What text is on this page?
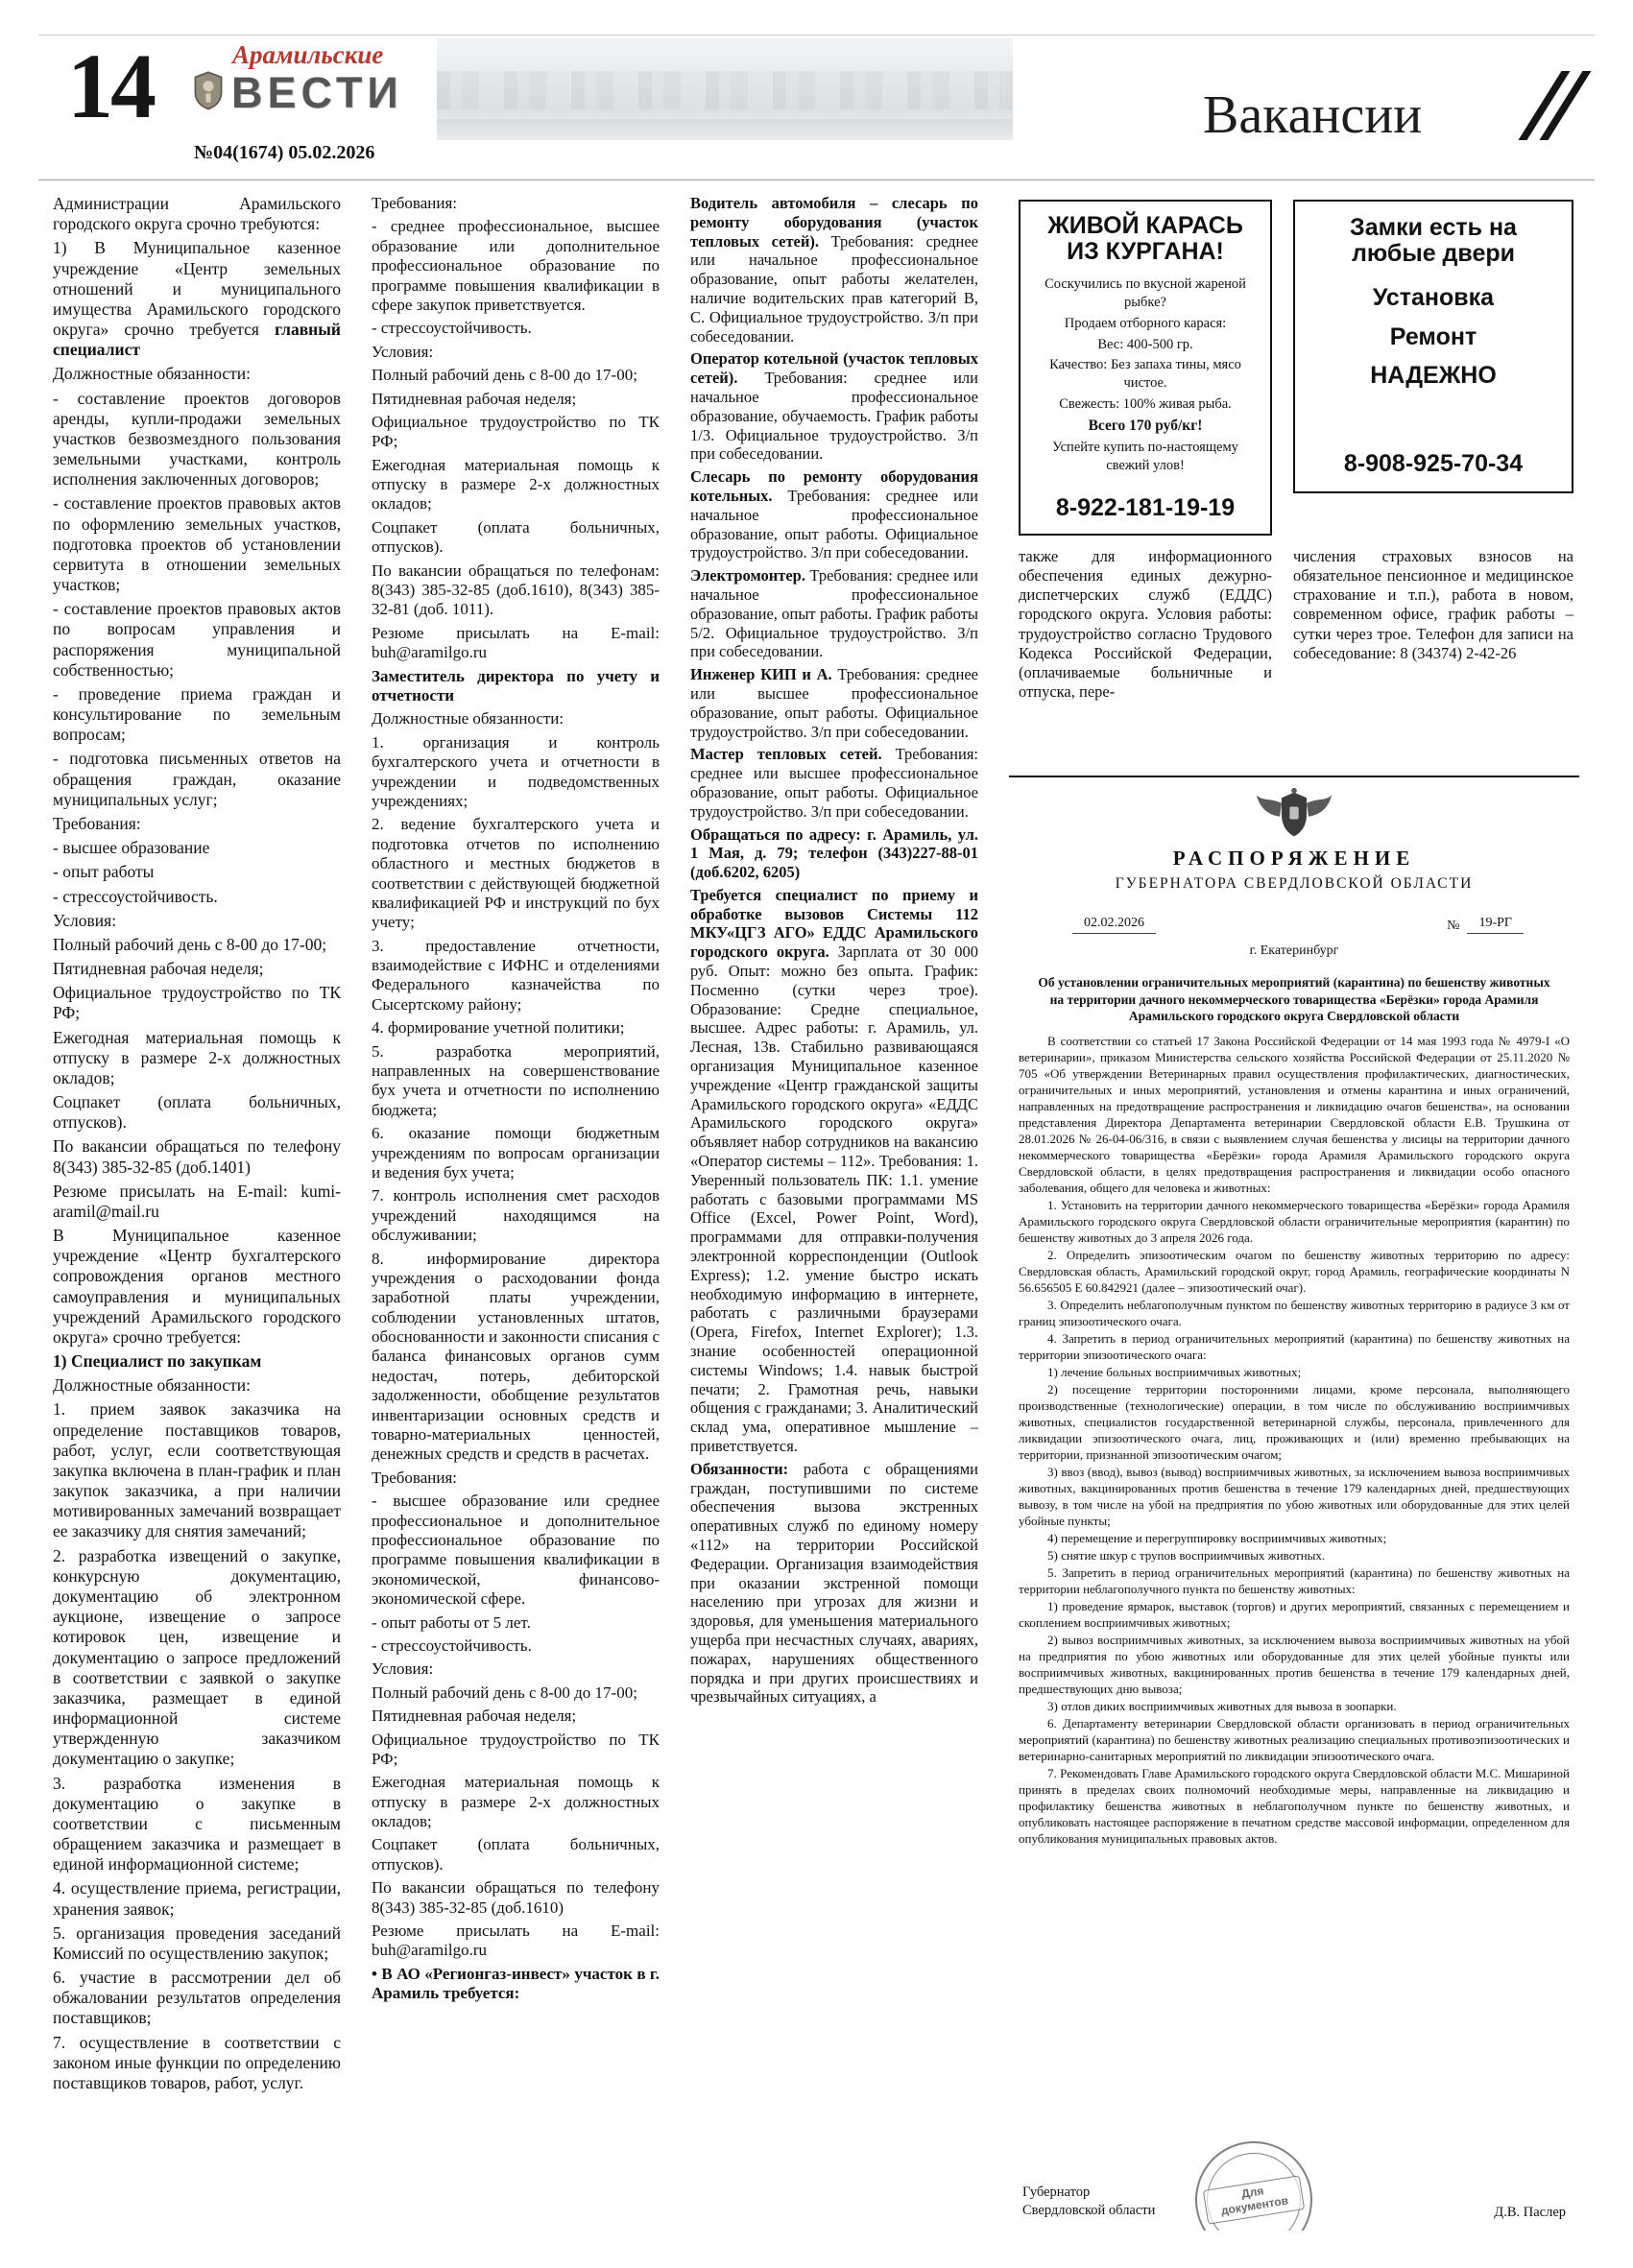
14	Арамильские
ВЕСТИ
№04(1674) 05.02.2026
Вакансии

Администрации Арамильского городского округа срочно требуются:

1) В Муниципальное казенное учреждение «Центр земельных отношений и муниципального имущества Арамильского городского округа» срочно требуется главный специалист

Должностные обязанности:

- составление проектов договоров аренды, купли-продажи земельных участков безвозмездного пользования земельными участками, контроль исполнения заключенных договоров;

- составление проектов правовых актов по оформлению земельных участков, подготовка проектов об установлении сервитута в отношении земельных участков;

- составление проектов правовых актов по вопросам управления и распоряжения муниципальной собственностью;

- проведение приема граждан и консультирование по земельным вопросам;

- подготовка письменных ответов на обращения граждан, оказание муниципальных услуг;

Требования:

- высшее образование

- опыт работы

- стрессоустойчивость.

Условия:

Полный рабочий день с 8-00 до 17-00;

Пятидневная рабочая неделя;

Официальное трудоустройство по ТК РФ;

Ежегодная материальная помощь к отпуску в размере 2-х должностных окладов;

Соцпакет (оплата больничных, отпусков).

По вакансии обращаться по телефону 8(343) 385-32-85 (доб.1401)

Резюме присылать на E-mail: kumi-aramil@mail.ru

В Муниципальное казенное учреждение «Центр бухгалтерского сопровождения органов местного самоуправления и муниципальных учреждений Арамильского городского округа» срочно требуется:

1) Специалист по закупкам

Должностные обязанности:

1. прием заявок заказчика на определение поставщиков товаров, работ, услуг, если соответствующая закупка включена в план-график и план закупок заказчика, а при наличии мотивированных замечаний возвращает ее заказчику для снятия замечаний;

2. разработка извещений о закупке, конкурсную документацию, документацию об электронном аукционе, извещение о запросе котировок цен, извещение и документацию о запросе предложений в соответствии с заявкой о закупке заказчика, размещает в единой информационной системе утвержденную заказчиком документацию о закупке;

3. разработка изменения в документацию о закупке в соответствии с письменным обращением заказчика и размещает в единой информационной системе;

4. осуществление приема, регистрации, хранения заявок;

5. организация проведения заседаний Комиссий по осуществлению закупок;

6. участие в рассмотрении дел об обжаловании результатов определения поставщиков;

7. осуществление в соответствии с законом иные функции по определению поставщиков товаров, работ, услуг.

Требования:

- среднее профессиональное, высшее образование или дополнительное профессиональное образование по программе повышения квалификации в сфере закупок приветствуется.

- стрессоустойчивость.

Условия:

Полный рабочий день с 8-00 до 17-00;

Пятидневная рабочая неделя;

Официальное трудоустройство по ТК РФ;

Ежегодная материальная помощь к отпуску в размере 2-х должностных окладов;

Соцпакет (оплата больничных, отпусков).

По вакансии обращаться по телефонам: 8(343) 385-32-85 (доб.1610), 8(343) 385-32-81 (доб. 1011).

Резюме присылать на E-mail: buh@aramilgo.ru

Заместитель директора по учету и отчетности

Должностные обязанности:

1. организация и контроль бухгалтерского учета и отчетности в учреждении и подведомственных учреждениях;

2. ведение бухгалтерского учета и подготовка отчетов по исполнению областного и местных бюджетов в соответствии с действующей бюджетной квалификацией РФ и инструкций по бух учету;

3. предоставление отчетности, взаимодействие с ИФНС и отделениями Федерального казначейства по Сысертскому району;

4. формирование учетной политики;

5. разработка мероприятий, направленных на совершенствование бух учета и отчетности по исполнению бюджета;

6. оказание помощи бюджетным учреждениям по вопросам организации и ведения бух учета;

7. контроль исполнения смет расходов учреждений находящимся на обслуживании;

8. информирование директора учреждения о расходовании фонда заработной платы учреждении, соблюдении установленных штатов, обоснованности и законности списания с баланса финансовых органов сумм недостач, потерь, дебиторской задолженности, обобщение результатов инвентаризации основных средств и товарно-материальных ценностей, денежных средств и средств в расчетах.

Требования:

- высшее образование или среднее профессиональное и дополнительное профессиональное образование по программе повышения квалификации в экономической, финансово-экономической сфере.

- опыт работы от 5 лет.

- стрессоустойчивость.

Условия:

Полный рабочий день с 8-00 до 17-00;

Пятидневная рабочая неделя;

Официальное трудоустройство по ТК РФ;

Ежегодная материальная помощь к отпуску в размере 2-х должностных окладов;

Соцпакет (оплата больничных, отпусков).

По вакансии обращаться по телефону 8(343) 385-32-85 (доб.1610)

Резюме присылать на E-mail: buh@aramilgo.ru

• В АО «Регионгаз-инвест» участок в г. Арамиль требуется:

Водитель автомобиля – слесарь по ремонту оборудования (участок тепловых сетей). Требования: среднее или начальное профессиональное образование, опыт работы желателен, наличие водительских прав категорий В, С. Официальное трудоустройство. З/п при собеседовании.

Оператор котельной (участок тепловых сетей). Требования: среднее или начальное профессиональное образование, обучаемость. График работы 1/3. Официальное трудоустройство. З/п при собеседовании.

Слесарь по ремонту оборудования котельных. Требования: среднее или начальное профессиональное образование, опыт работы. Официальное трудоустройство. З/п при собеседовании.

Электромонтер. Требования: среднее или начальное профессиональное образование, опыт работы. График работы 5/2. Официальное трудоустройство. З/п при собеседовании.

Инженер КИП и А. Требования: среднее или высшее профессиональное образование, опыт работы. Официальное трудоустройство. З/п при собеседовании.

Мастер тепловых сетей. Требования: среднее или высшее профессиональное образование, опыт работы. Официальное трудоустройство. З/п при собеседовании.

Обращаться по адресу: г. Арамиль, ул. 1 Мая, д. 79; телефон (343)227-88-01 (доб.6202, 6205)

Требуется специалист по приему и обработке вызовов Системы 112 МКУ«ЦГЗ АГО» ЕДДС Арамильского городского округа. Зарплата от 30 000 руб. Опыт: можно без опыта. График: Посменно (сутки через трое). Образование: Средне специальное, высшее. Адрес работы: г. Арамиль, ул. Лесная, 13в. Стабильно развивающаяся организация Муниципальное казенное учреждение «Центр гражданской защиты Арамильского городского округа» «ЕДДС Арамильского городского округа» объявляет набор сотрудников на вакансию «Оператор системы – 112». Требования: 1. Уверенный пользователь ПК: 1.1. умение работать с базовыми программами MS Office (Excel, Power Point, Word), программами для отправки-получения электронной корреспонденции (Outlook Express); 1.2. умение быстро искать необходимую информацию в интернете, работать с различными браузерами (Opera, Firefox, Internet Explorer); 1.3. знание особенностей операционной системы Windows; 1.4. навык быстрой печати; 2. Грамотная речь, навыки общения с гражданами; 3. Аналитический склад ума, оперативное мышление – приветствуется.

Обязанности: работа с обращениями граждан, поступившими по системе обеспечения вызова экстренных оперативных служб по единому номеру «112» на территории Российской Федерации. Организация взаимодействия при оказании экстренной помощи населению при угрозах для жизни и здоровья, для уменьшения материального ущерба при несчастных случаях, авариях, пожарах, нарушениях общественного порядка и при других происшествиях и чрезвычайных ситуациях, а

ЖИВОЙ КАРАСЬ
ИЗ КУРГАНА!
Соскучились по вкусной жареной рыбке?
Продаем отборного карася:
Вес: 400-500 гр.
Качество: Без запаха тины, мясо чистое.
Свежесть: 100% живая рыба.
Всего 170 руб/кг!
Успейте купить по-настоящему свежий улов!
8-922-181-19-19
Замки есть на любые двери
Установка
Ремонт
НАДЕЖНО
8-908-925-70-34

также для информационного обеспечения единых дежурно-диспетчерских служб (ЕДДС) городского округа. Условия работы: трудоустройство согласно Трудового Кодекса Российской Федерации, (оплачиваемые больничные и отпуска, пере-

числения страховых взносов на обязательное пенсионное и медицинское страхование и т.п.), работа в новом, современном офисе, график работы – сутки через трое. Телефон для записи на собеседование: 8 (34374) 2-42-26

РАСПОРЯЖЕНИЕ
ГУБЕРНАТОРА СВЕРДЛОВСКОЙ ОБЛАСТИ
02.02.2026	№	19-РГ
г. Екатеринбург
Об установлении ограничительных мероприятий (карантина) по бешенству животных на территории дачного некоммерческого товарищества «Берёзки» города Арамиля Арамильского городского округа Свердловской области

В соответствии со статьей 17 Закона Российской Федерации от 14 мая 1993 года № 4979-I «О ветеринарии», приказом Министерства сельского хозяйства Российской Федерации от 25.11.2020 № 705 «Об утверждении Ветеринарных правил осуществления профилактических, диагностических, ограничительных и иных мероприятий, установления и отмены карантина и иных ограничений, направленных на предотвращение распространения и ликвидацию очагов бешенства», на основании представления Директора Департамента ветеринарии Свердловской области Е.В. Трушкина от 28.01.2026 № 26-04-06/316, в связи с выявлением случая бешенства у лисицы на территории дачного некоммерческого товарищества «Берёзки» города Арамиля Арамильского городского округа Свердловской области, в целях предотвращения распространения и ликвидации особо опасного заболевания, общего для человека и животных:

1. Установить на территории дачного некоммерческого товарищества «Берёзки» города Арамиля Арамильского городского округа Свердловской области ограничительные мероприятия (карантин) по бешенству животных до 3 апреля 2026 года.

2. Определить эпизоотическим очагом по бешенству животных территорию по адресу: Свердловская область, Арамильский городской округ, город Арамиль, географические координаты N 56.656505 E 60.842921 (далее – эпизоотический очаг).

3. Определить неблагополучным пунктом по бешенству животных территорию в радиусе 3 км от границ эпизоотического очага.

4. Запретить в период ограничительных мероприятий (карантина) по бешенству животных на территории эпизоотического очага:

1) лечение больных восприимчивых животных;

2) посещение территории посторонними лицами, кроме персонала, выполняющего производственные (технологические) операции, в том числе по обслуживанию восприимчивых животных, специалистов государственной ветеринарной службы, персонала, привлеченного для ликвидации эпизоотического очага, лиц, проживающих и (или) временно пребывающих на территории, признанной эпизоотическим очагом;

3) ввоз (ввод), вывоз (вывод) восприимчивых животных, за исключением вывоза восприимчивых животных, вакцинированных против бешенства в течение 179 календарных дней, предшествующих вывозу, в том числе на убой на предприятия по убою животных или оборудованные для этих целей убойные пункты;

4) перемещение и перегруппировку восприимчивых животных;

5) снятие шкур с трупов восприимчивых животных.

5. Запретить в период ограничительных мероприятий (карантина) по бешенству животных на территории неблагополучного пункта по бешенству животных:

1) проведение ярмарок, выставок (торгов) и других мероприятий, связанных с перемещением и скоплением восприимчивых животных;

2) вывоз восприимчивых животных, за исключением вывоза восприимчивых животных на убой на предприятия по убою животных или оборудованные для этих целей убойные пункты или восприимчивых животных, вакцинированных против бешенства в течение 179 календарных дней, предшествующих дню вывоза;

3) отлов диких восприимчивых животных для вывоза в зоопарки.

6. Департаменту ветеринарии Свердловской области организовать в период ограничительных мероприятий (карантина) по бешенству животных реализацию специальных противоэпизоотических и ветеринарно-санитарных мероприятий по ликвидации эпизоотического очага.

7. Рекомендовать Главе Арамильского городского округа Свердловской области М.С. Мишариной принять в пределах своих полномочий необходимые меры, направленные на ликвидацию и профилактику бешенства животных в неблагополучном пункте по бешенству животных, и опубликовать настоящее распоряжение в печатном средстве массовой информации, определенном для опубликования муниципальных правовых актов.

Губернатор
Свердловской области
Для документов	Д.В. Паслер
